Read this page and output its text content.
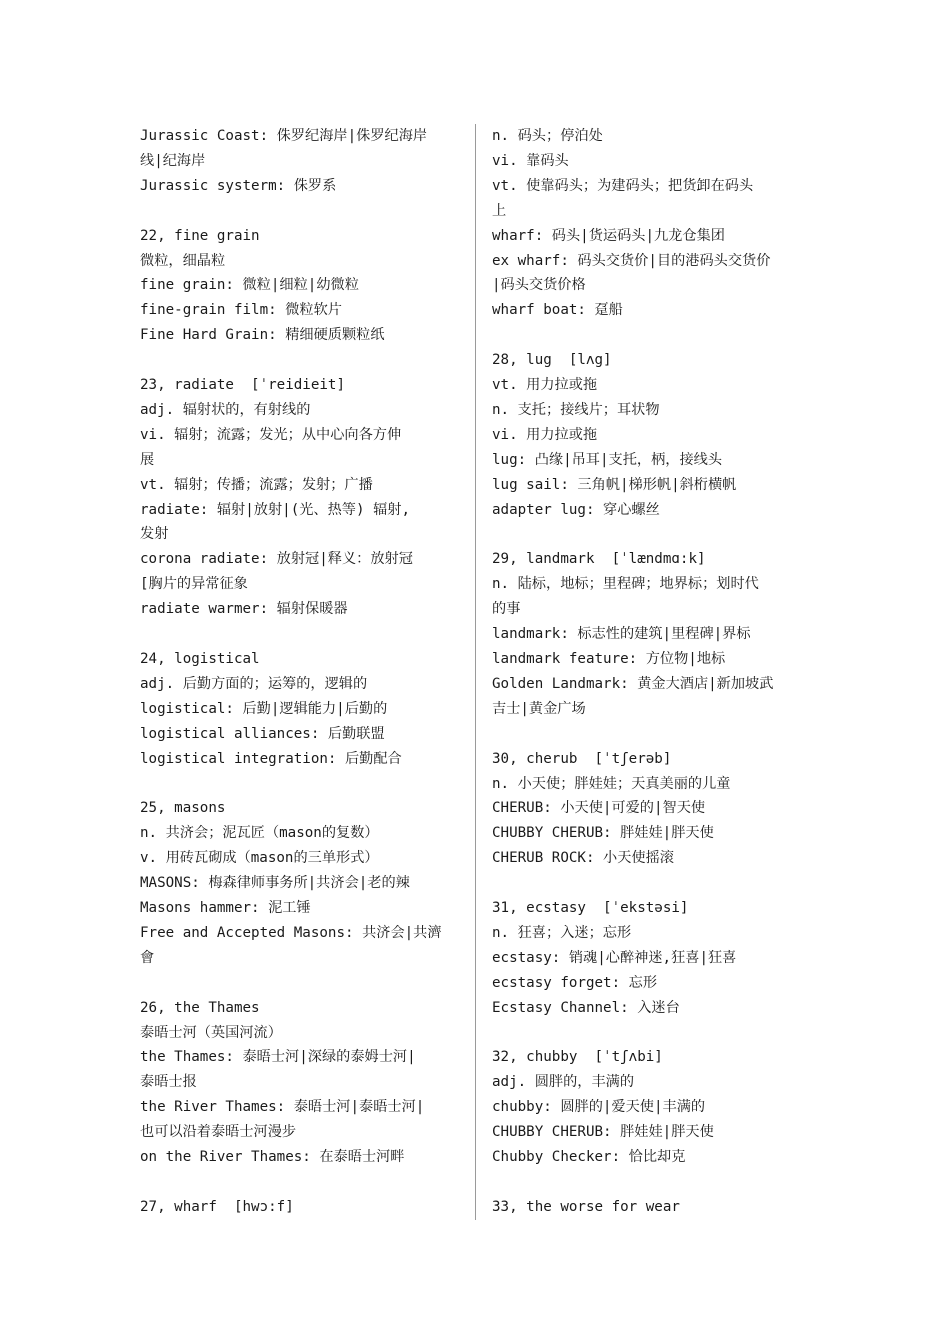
Jurassic Coast: 侏罗纪海岸|侏罗纪海岸
线|纪海岸
Jurassic systerm: 侏罗系
22, fine grain
微粒，细晶粒
fine grain: 微粒|细粒|幼微粒
fine-grain film: 微粒软片
Fine Hard Grain: 精细硬质颗粒纸
23, radiate  [ˈreidieit]
adj. 辐射状的，有射线的
vi. 辐射；流露；发光；从中心向各方伸
展
vt. 辐射；传播；流露；发射；广播
radiate: 辐射|放射|(光、热等) 辐射,
发射
corona radiate: 放射冠|释义：放射冠
[胸片的异常征象
radiate warmer: 辐射保暖器
24, logistical
adj. 后勤方面的；运筹的，逻辑的
logistical: 后勤|逻辑能力|后勤的
logistical alliances: 后勤联盟
logistical integration: 后勤配合
25, masons
n. 共济会；泥瓦匠（mason的复数）
v. 用砖瓦砌成（mason的三单形式）
MASONS: 梅森律师事务所|共济会|老的辣
Masons hammer: 泥工锤
Free and Accepted Masons: 共济会|共濟
會
26, the Thames
泰晤士河（英国河流）
the Thames: 泰晤士河|深绿的泰姆士河|
泰晤士报
the River Thames: 泰晤士河|泰晤士河|
也可以沿着泰晤士河漫步
on the River Thames: 在泰晤士河畔
27, wharf  [hwɔ:f]
n. 码头；停泊处
vi. 靠码头
vt. 使靠码头；为建码头；把货卸在码头
上
wharf: 码头|货运码头|九龙仓集团
ex wharf: 码头交货价|目的港码头交货价
|码头交货价格
wharf boat: 趸船
28, lug  [lʌg]
vt. 用力拉或拖
n. 支托；接线片；耳状物
vi. 用力拉或拖
lug: 凸缘|吊耳|支托，柄，接线头
lug sail: 三角帆|梯形帆|斜桁横帆
adapter lug: 穿心螺丝
29, landmark  [ˈlændmɑ:k]
n. 陆标，地标；里程碑；地界标；划时代
的事
landmark: 标志性的建筑|里程碑|界标
landmark feature: 方位物|地标
Golden Landmark: 黄金大酒店|新加坡武
吉士|黄金广场
30, cherub  [ˈtʃerəb]
n. 小天使；胖娃娃；天真美丽的儿童
CHERUB: 小天使|可爱的|智天使
CHUBBY CHERUB: 胖娃娃|胖天使
CHERUB ROCK: 小天使摇滚
31, ecstasy  [ˈekstəsi]
n. 狂喜；入迷；忘形
ecstasy: 销魂|心醉神迷,狂喜|狂喜
ecstasy forget: 忘形
Ecstasy Channel: 入迷台
32, chubby  [ˈtʃʌbi]
adj. 圆胖的，丰满的
chubby: 圆胖的|爱天使|丰满的
CHUBBY CHERUB: 胖娃娃|胖天使
Chubby Checker: 恰比却克
33, the worse for wear
